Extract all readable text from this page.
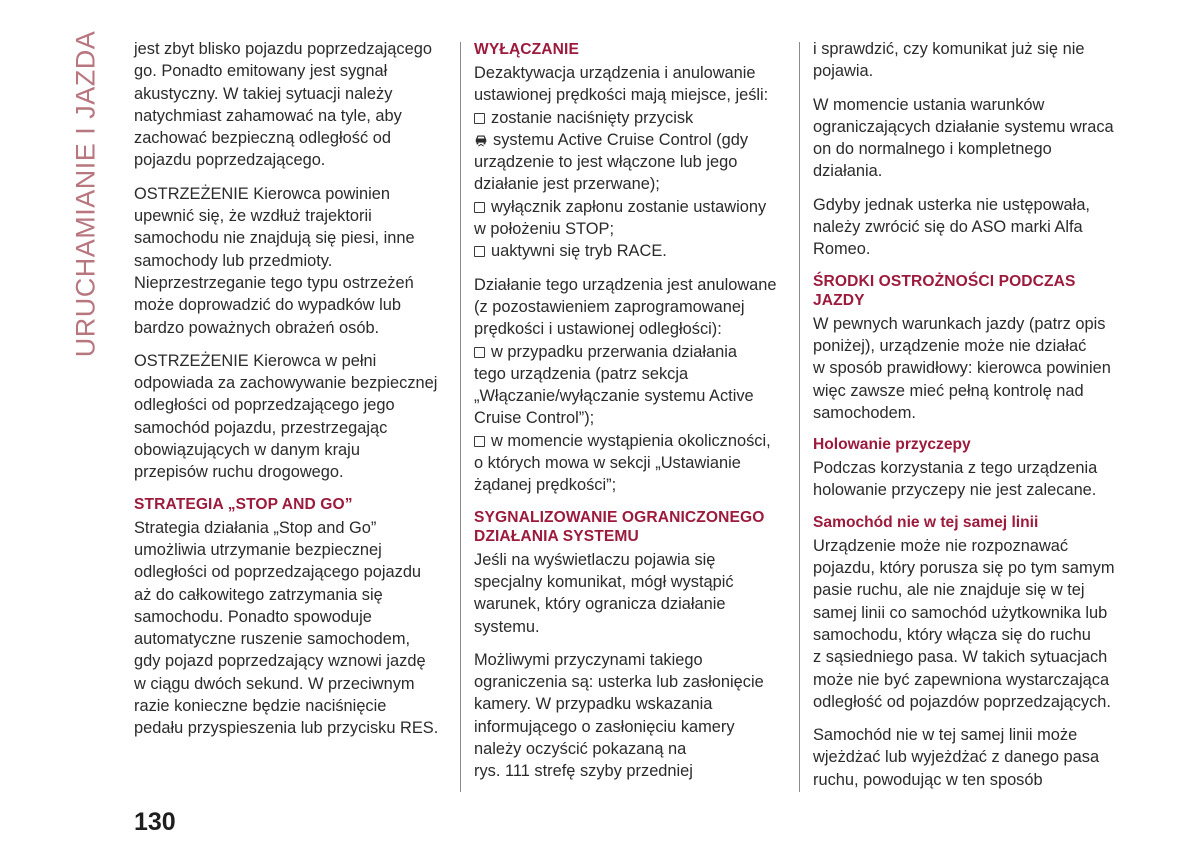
URUCHAMIANIE I JAZDA jest zbyt blisko pojazdu poprzedzającego
go. Ponadto emitowany jest sygnał
akustyczny. W takiej sytuacji należy
natychmiast zahamować na tyle, aby
zachować bezpieczną odległość od
pojazdu poprzedzającego.

OSTRZEŻENIE Kierowca powinien
upewnić się, że wzdłuż trajektorii
samochodu nie znajdują się piesi, inne
samochody lub przedmioty.
Nieprzestrzeganie tego typu ostrzeżeń
może doprowadzić do wypadków lub
bardzo poważnych obrażeń osób.

OSTRZEŻENIE Kierowca w pełni
odpowiada za zachowywanie bezpiecznej
odległości od poprzedzającego jego
samochód pojazdu, przestrzegając
obowiązujących w danym kraju
przepisów ruchu drogowego.

STRATEGIA „STOP AND GO”

Strategia działania „Stop and Go”
umożliwia utrzymanie bezpiecznej
odległości od poprzedzającego pojazdu
aż do całkowitego zatrzymania się
samochodu. Ponadto spowoduje
automatyczne ruszenie samochodem,
gdy pojazd poprzedzający wznowi jazdę
w ciągu dwóch sekund. W przeciwnym
razie konieczne będzie naciśnięcie
pedału przyspieszenia lub przycisku RES.

WYŁĄCZANIE

Dezaktywacja urządzenia i anulowanie
ustawionej prędkości mają miejsce, jeśli:

zostanie naciśnięty przycisk
systemu Active Cruise Control (gdy
urządzenie to jest włączone lub jego
działanie jest przerwane);
wyłącznik zapłonu zostanie ustawiony
w położeniu STOP;
uaktywni się tryb RACE.

Działanie tego urządzenia jest anulowane
(z pozostawieniem zaprogramowanej
prędkości i ustawionej odległości):

w przypadku przerwania działania
tego urządzenia (patrz sekcja
„Włączanie/wyłączanie systemu Active
Cruise Control”);
w momencie wystąpienia okoliczności,
o których mowa w sekcji „Ustawianie
żądanej prędkości”;
SYGNALIZOWANIE OGRANICZONEGO
DZIAŁANIA SYSTEMU

Jeśli na wyświetlaczu pojawia się
specjalny komunikat, mógł wystąpić
warunek, który ogranicza działanie
systemu.

Możliwymi przyczynami takiego
ograniczenia są: usterka lub zasłonięcie
kamery. W przypadku wskazania
informującego o zasłonięciu kamery
należy oczyścić pokazaną na
rys. 111 strefę szyby przedniej

i sprawdzić, czy komunikat już się nie
pojawia.

W momencie ustania warunków
ograniczających działanie systemu wraca
on do normalnego i kompletnego
działania.

Gdyby jednak usterka nie ustępowała,
należy zwrócić się do ASO marki Alfa
Romeo.

ŚRODKI OSTROŻNOŚCI PODCZAS
JAZDY

W pewnych warunkach jazdy (patrz opis
poniżej), urządzenie może nie działać
w sposób prawidłowy: kierowca powinien
więc zawsze mieć pełną kontrolę nad
samochodem.

Holowanie przyczepy

Podczas korzystania z tego urządzenia
holowanie przyczepy nie jest zalecane.

Samochód nie w tej samej linii

Urządzenie może nie rozpoznawać
pojazdu, który porusza się po tym samym
pasie ruchu, ale nie znajduje się w tej
samej linii co samochód użytkownika lub
samochodu, który włącza się do ruchu
z sąsiedniego pasa. W takich sytuacjach
może nie być zapewniona wystarczająca
odległość od pojazdów poprzedzających.

Samochód nie w tej samej linii może
wjeżdżać lub wyjeżdżać z danego pasa
ruchu, powodując w ten sposób

130
